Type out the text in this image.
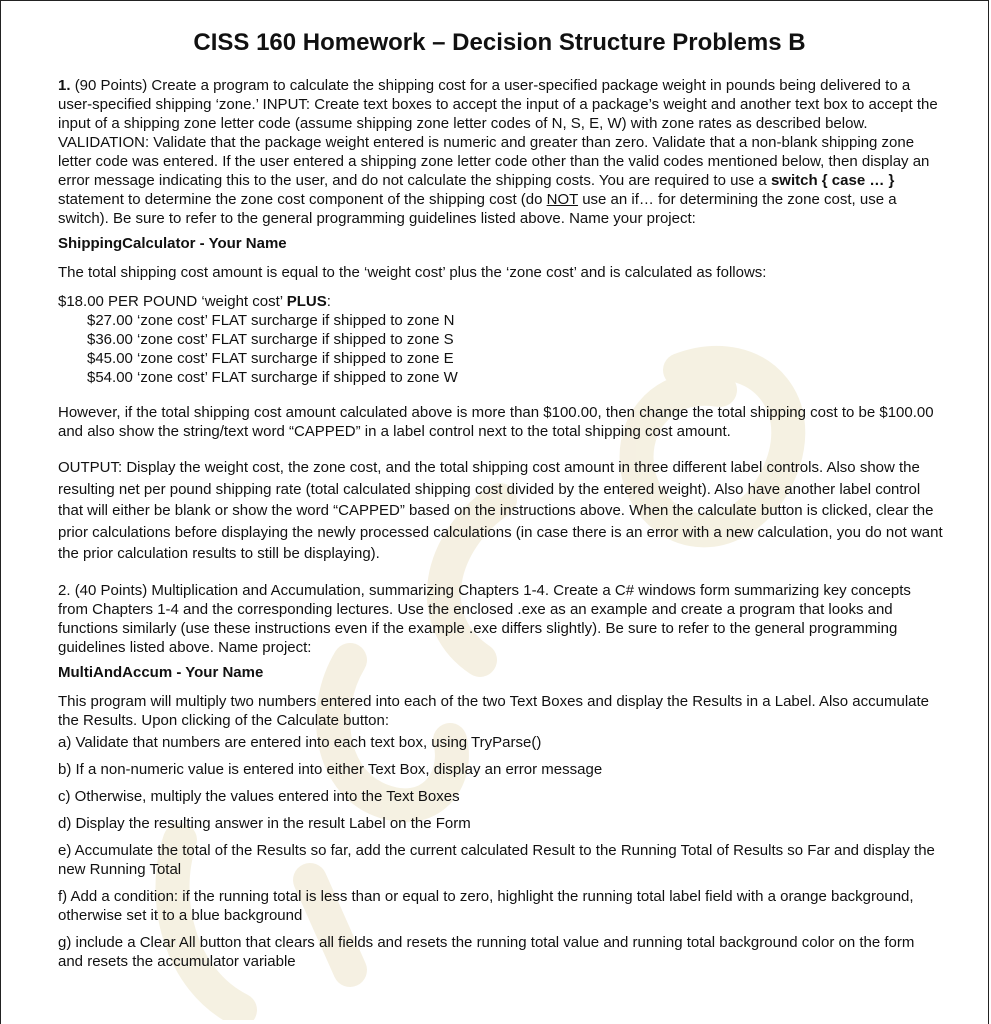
CISS 160 Homework – Decision Structure Problems B

1. (90 Points) Create a program to calculate the shipping cost for a user-specified package weight in pounds being delivered to a user-specified shipping ‘zone.’ INPUT: Create text boxes to accept the input of a package’s weight and another text box to accept the input of a shipping zone letter code (assume shipping zone letter codes of N, S, E, W) with zone rates as described below. VALIDATION: Validate that the package weight entered is numeric and greater than zero. Validate that a non-blank shipping zone letter code was entered. If the user entered a shipping zone letter code other than the valid codes mentioned below, then display an error message indicating this to the user, and do not calculate the shipping costs. You are required to use a switch { case … } statement to determine the zone cost component of the shipping cost (do NOT use an if… for determining the zone cost, use a switch). Be sure to refer to the general programming guidelines listed above. Name your project:

ShippingCalculator - Your Name

The total shipping cost amount is equal to the ‘weight cost’ plus the ‘zone cost’ and is calculated as follows:

$18.00 PER POUND ‘weight cost’ PLUS:

$27.00 ‘zone cost’ FLAT surcharge if shipped to zone N

$36.00 ‘zone cost’ FLAT surcharge if shipped to zone S

$45.00 ‘zone cost’ FLAT surcharge if shipped to zone E

$54.00 ‘zone cost’ FLAT surcharge if shipped to zone W

However, if the total shipping cost amount calculated above is more than $100.00, then change the total shipping cost to be $100.00 and also show the string/text word “CAPPED” in a label control next to the total shipping cost amount.

OUTPUT: Display the weight cost, the zone cost, and the total shipping cost amount in three different label controls. Also show the resulting net per pound shipping rate (total calculated shipping cost divided by the entered weight). Also have another label control that will either be blank or show the word “CAPPED” based on the instructions above. When the calculate button is clicked, clear the prior calculations before displaying the newly processed calculations (in case there is an error with a new calculation, you do not want the prior calculation results to still be displaying).

2. (40 Points) Multiplication and Accumulation, summarizing Chapters 1-4. Create a C# windows form summarizing key concepts from Chapters 1-4 and the corresponding lectures. Use the enclosed .exe as an example and create a program that looks and functions similarly (use these instructions even if the example .exe differs slightly). Be sure to refer to the general programming guidelines listed above. Name project:

MultiAndAccum - Your Name

This program will multiply two numbers entered into each of the two Text Boxes and display the Results in a Label. Also accumulate the Results. Upon clicking of the Calculate button:

a) Validate that numbers are entered into each text box, using TryParse()

b) If a non-numeric value is entered into either Text Box, display an error message

c) Otherwise, multiply the values entered into the Text Boxes

d) Display the resulting answer in the result Label on the Form

e) Accumulate the total of the Results so far, add the current calculated Result to the Running Total of Results so Far and display the new Running Total

f) Add a condition: if the running total is less than or equal to zero, highlight the running total label field with a orange background, otherwise set it to a blue background

g) include a Clear All button that clears all fields and resets the running total value and running total background color on the form and resets the accumulator variable
